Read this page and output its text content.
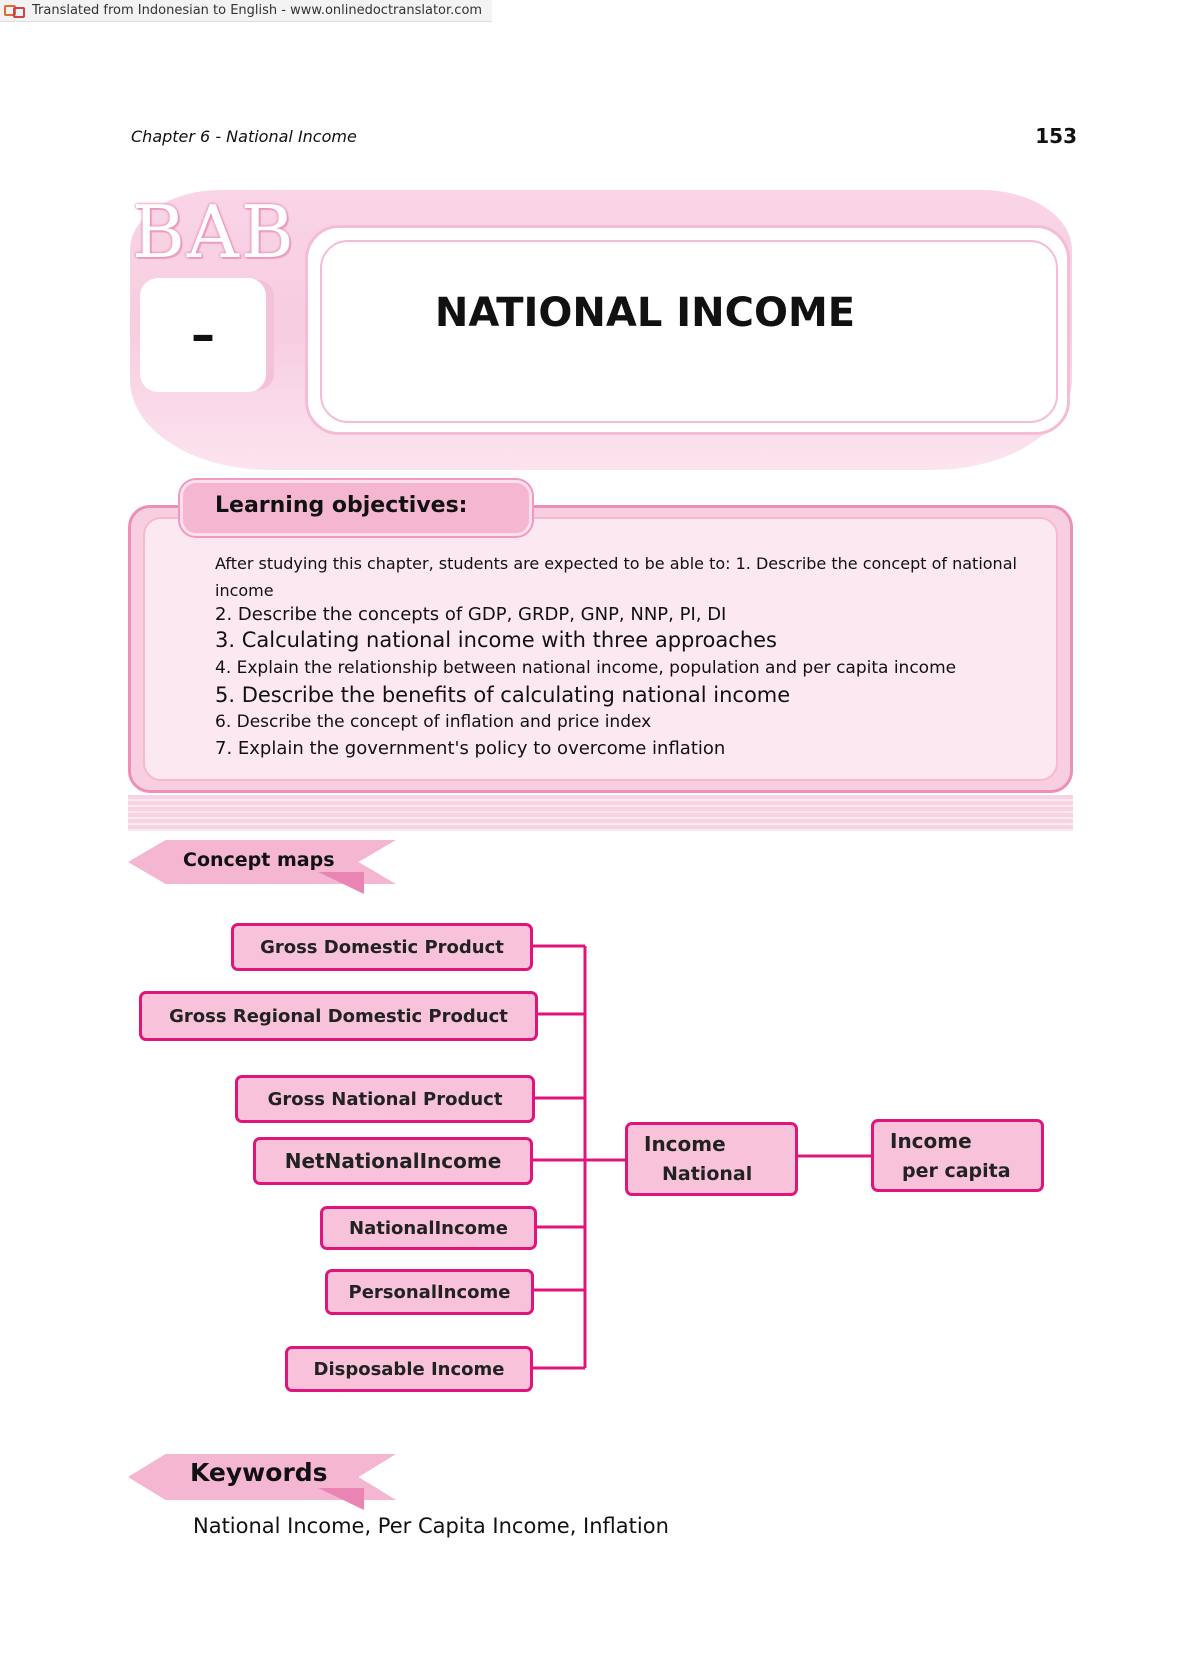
Translated from Indonesian to English - www.onlinedoctranslator.com
Chapter 6 - National Income	153
BAB
–	NATIONAL INCOME
Learning objectives:
After studying this chapter, students are expected to be able to: 1. Describe the concept of national income
2. Describe the concepts of GDP, GRDP, GNP, NNP, PI, DI
3. Calculating national income with three approaches
4. Explain the relationship between national income, population and per capita income
5. Describe the benefits of calculating national income
6. Describe the concept of inflation and price index
7. Explain the government's policy to overcome inflation
Concept maps
Gross Domestic Product
Gross Regional Domestic Product
Gross National Product
NetNationalIncome
NationalIncome
PersonalIncome
Disposable Income
Income
National
Income
per capita
Keywords
National Income, Per Capita Income, Inflation
